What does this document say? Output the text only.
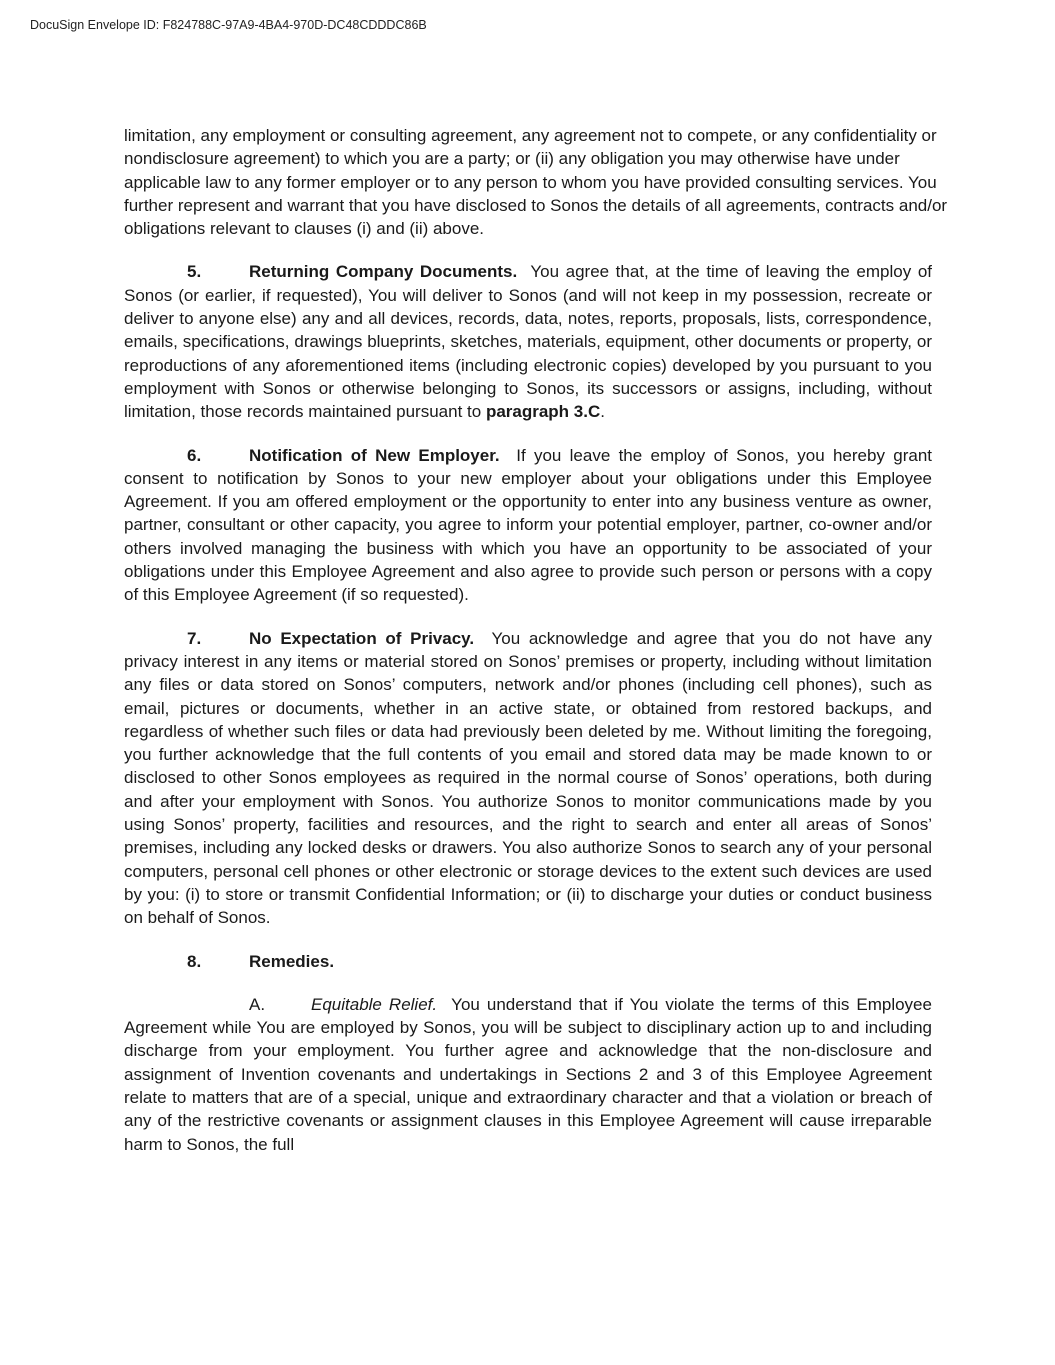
DocuSign Envelope ID: F824788C-97A9-4BA4-970D-DC48CDDDC86B

limitation, any employment or consulting agreement, any agreement not to compete, or any confidentiality or nondisclosure agreement) to which you are a party; or (ii) any obligation you may otherwise have under applicable law to any former employer or to any person to whom you have provided consulting services. You further represent and warrant that you have disclosed to Sonos the details of all agreements, contracts and/or obligations relevant to clauses (i) and (ii) above.

5.	Returning Company Documents. You agree that, at the time of leaving the employ of Sonos (or earlier, if requested), You will deliver to Sonos (and will not keep in my possession, recreate or deliver to anyone else) any and all devices, records, data, notes, reports, proposals, lists, correspondence, emails, specifications, drawings blueprints, sketches, materials, equipment, other documents or property, or reproductions of any aforementioned items (including electronic copies) developed by you pursuant to you employment with Sonos or otherwise belonging to Sonos, its successors or assigns, including, without limitation, those records maintained pursuant to paragraph 3.C.

6.	Notification of New Employer. If you leave the employ of Sonos, you hereby grant consent to notification by Sonos to your new employer about your obligations under this Employee Agreement. If you am offered employment or the opportunity to enter into any business venture as owner, partner, consultant or other capacity, you agree to inform your potential employer, partner, co-owner and/or others involved managing the business with which you have an opportunity to be associated of your obligations under this Employee Agreement and also agree to provide such person or persons with a copy of this Employee Agreement (if so requested).

7.	No Expectation of Privacy. You acknowledge and agree that you do not have any privacy interest in any items or material stored on Sonos’ premises or property, including without limitation any files or data stored on Sonos’ computers, network and/or phones (including cell phones), such as email, pictures or documents, whether in an active state, or obtained from restored backups, and regardless of whether such files or data had previously been deleted by me. Without limiting the foregoing, you further acknowledge that the full contents of you email and stored data may be made known to or disclosed to other Sonos employees as required in the normal course of Sonos’ operations, both during and after your employment with Sonos. You authorize Sonos to monitor communications made by you using Sonos’ property, facilities and resources, and the right to search and enter all areas of Sonos’ premises, including any locked desks or drawers. You also authorize Sonos to search any of your personal computers, personal cell phones or other electronic or storage devices to the extent such devices are used by you: (i) to store or transmit Confidential Information; or (ii) to discharge your duties or conduct business on behalf of Sonos.

8.	Remedies.

A.	Equitable Relief. You understand that if You violate the terms of this Employee Agreement while You are employed by Sonos, you will be subject to disciplinary action up to and including discharge from your employment. You further agree and acknowledge that the non-disclosure and assignment of Invention covenants and undertakings in Sections 2 and 3 of this Employee Agreement relate to matters that are of a special, unique and extraordinary character and that a violation or breach of any of the restrictive covenants or assignment clauses in this Employee Agreement will cause irreparable harm to Sonos, the full
